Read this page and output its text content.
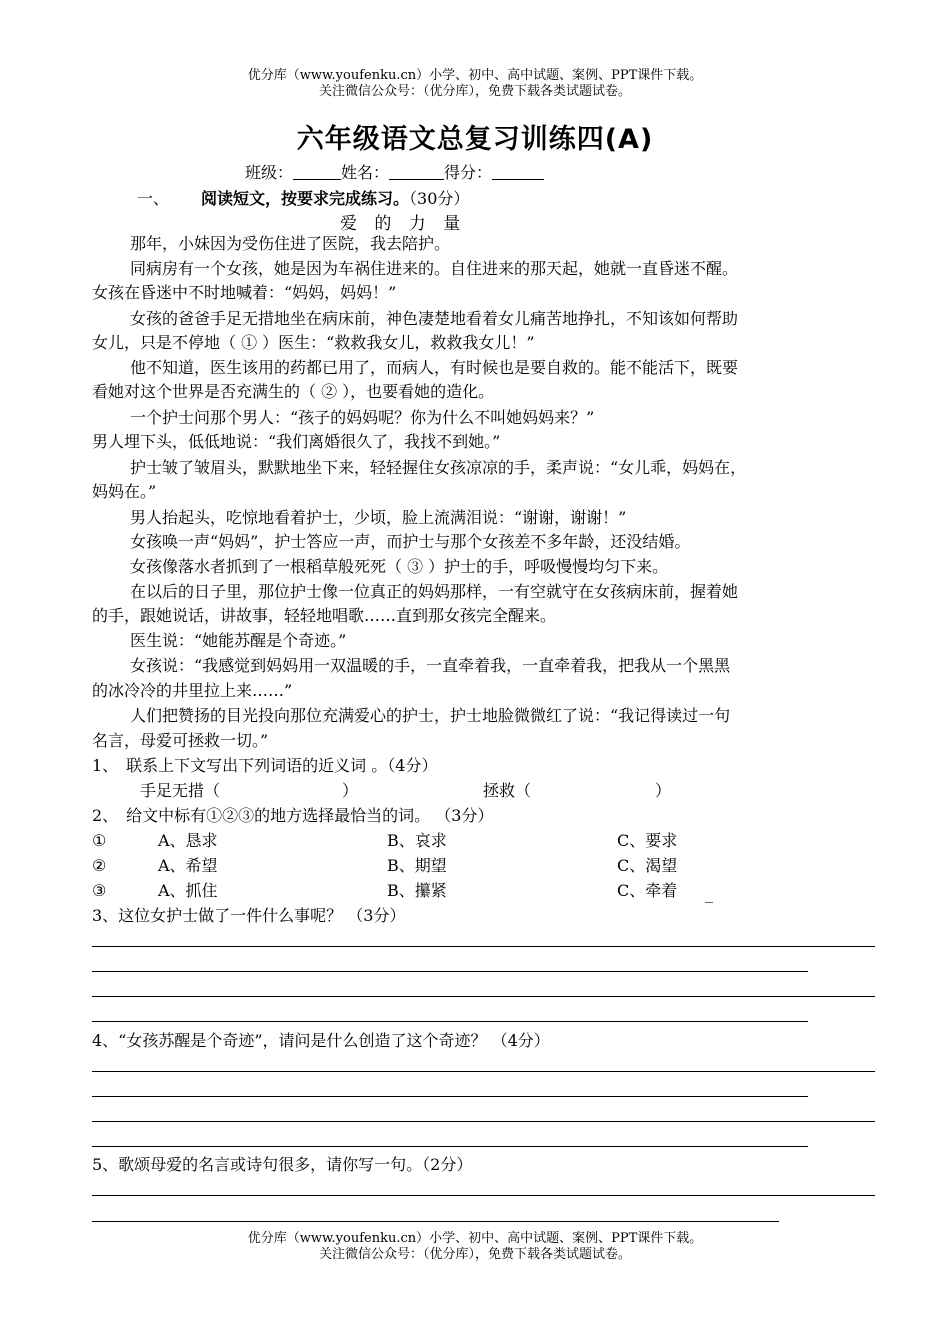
优分库（www.youfenku.cn）小学、初中、高中试题、案例、PPT课件下载。
关注微信公众号：（优分库），免费下载各类试题试卷。
六年级语文总复习训练四(A)
班级：	姓名：	得分：
一、 阅读短文，按要求完成练习。（30分）
爱 的 力 量
那年，小妹因为受伤住进了医院，我去陪护。
同病房有一个女孩，她是因为车祸住进来的。自住进来的那天起，她就一直昏迷不醒。
女孩在昏迷中不时地喊着：“妈妈，妈妈！”
女孩的爸爸手足无措地坐在病床前，神色凄楚地看着女儿痛苦地挣扎，不知该如何帮助
女儿，只是不停地（ ① ）医生：“救救我女儿，救救我女儿！”
他不知道，医生该用的药都已用了，而病人，有时候也是要自救的。能不能活下，既要
看她对这个世界是否充满生的（ ② ），也要看她的造化。
一个护士问那个男人：“孩子的妈妈呢？你为什么不叫她妈妈来？”
男人埋下头，低低地说：“我们离婚很久了，我找不到她。”
护士皱了皱眉头，默默地坐下来，轻轻握住女孩凉凉的手，柔声说：“女儿乖，妈妈在，
妈妈在。”
男人抬起头，吃惊地看着护士，少顷，脸上流满泪说：“谢谢，谢谢！”
女孩唤一声“妈妈”，护士答应一声，而护士与那个女孩差不多年龄，还没结婚。
女孩像落水者抓到了一根稻草般死死（ ③ ）护士的手，呼吸慢慢均匀下来。
在以后的日子里，那位护士像一位真正的妈妈那样，一有空就守在女孩病床前，握着她
的手，跟她说话，讲故事，轻轻地唱歌……直到那女孩完全醒来。
医生说：“她能苏醒是个奇迹。”
女孩说：“我感觉到妈妈用一双温暖的手，一直牵着我，一直牵着我，把我从一个黑黑
的冰冷冷的井里拉上来……”
人们把赞扬的目光投向那位充满爱心的护士，护士地脸微微红了说：“我记得读过一句
名言，母爱可拯救一切。”
1、　联系上下文写出下列词语的近义词 。（4分）
手足无措（	）	拯救（	）
2、　给文中标有①②③的地方选择最恰当的词。 （3分）
①	A、恳求	B、哀求	C、要求
②	A、希望	B、期望	C、渴望
③	A、抓住	B、攥紧	C、牵着 _
3、这位女护士做了一件什么事呢？ （3分）
4、“女孩苏醒是个奇迹”，请问是什么创造了这个奇迹？ （4分）
5、歌颂母爱的名言或诗句很多，请你写一句。（2分）
优分库（www.youfenku.cn）小学、初中、高中试题、案例、PPT课件下载。
关注微信公众号：（优分库），免费下载各类试题试卷。
